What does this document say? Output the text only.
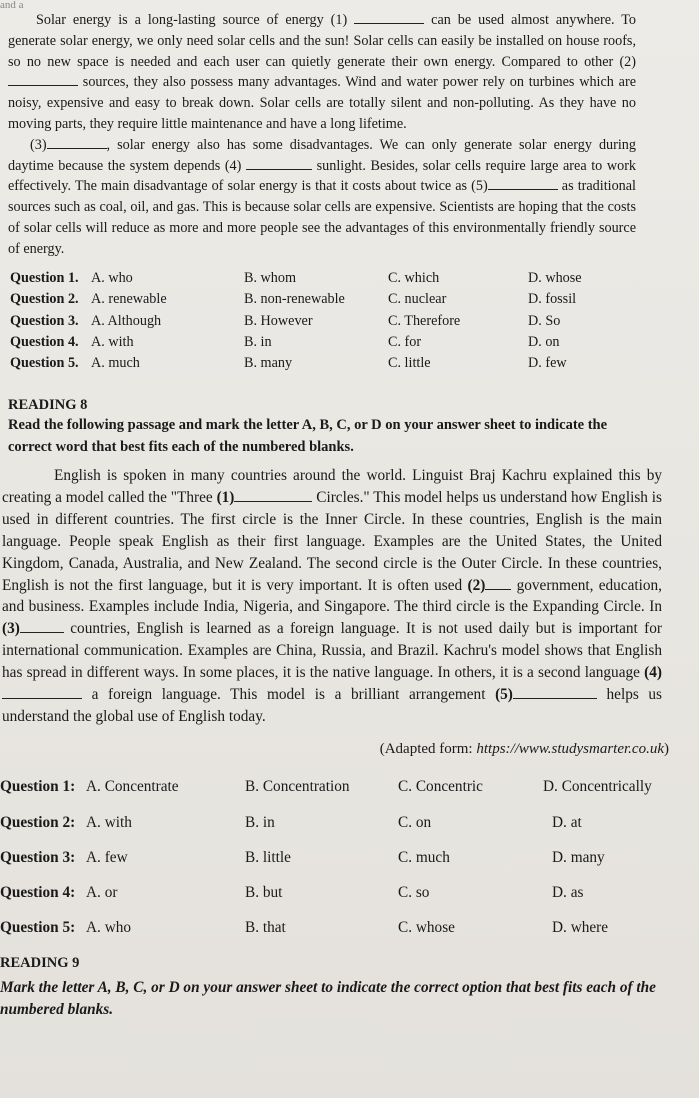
and a

Solar energy is a long-lasting source of energy (1)	can be used almost anywhere. To generate solar energy, we only need solar cells and the sun! Solar cells can easily be installed on house roofs, so no new space is needed and each user can quietly generate their own energy. Compared to other (2)  sources, they also possess many advantages. Wind and water power rely on turbines which are noisy, expensive and easy to break down. Solar cells are totally silent and non-polluting. As they have no moving parts, they require little maintenance and have a long lifetime.
(3)	, solar energy also has some disadvantages. We can only generate solar energy during daytime because the system depends (4)	sunlight. Besides, solar cells require large area to work effectively. The main disadvantage of solar energy is that it costs about twice as (5)	as traditional sources such as coal, oil, and gas. This is because solar cells are expensive. Scientists are hoping that the costs of solar cells will reduce as more and more people see the advantages of this environmentally friendly source of energy.

Question 1. A. who	B. whom	C. which	D. whose
Question 2. A. renewable	B. non-renewable	C. nuclear	D. fossil
Question 3. A. Although	B. However	C. Therefore	D. So
Question 4. A. with	B. in	C. for	D. on
Question 5. A. much	B. many	C. little	D. few
READING 8

Read the following passage and mark the letter A, B, C, or D on your answer sheet to indicate the correct word that best fits each of the numbered blanks.

English is spoken in many countries around the world. Linguist Braj Kachru explained this by creating a model called the "Three (1)	Circles." This model helps us understand how English is used in different countries. The first circle is the Inner Circle. In these countries, English is the main language. People speak English as their first language. Examples are the United States, the United Kingdom, Canada, Australia, and New Zealand. The second circle is the Outer Circle. In these countries, English is not the first language, but it is very important. It is often used (2) government, education, and business. Examples include India, Nigeria, and Singapore. The third circle is the Expanding Circle. In (3)	countries, English is learned as a foreign language. It is not used daily but is important for international communication. Examples are China, Russia, and Brazil. Kachru's model shows that English has spread in different ways. In some places, it is the native language. In others, it is a second language (4) a foreign language. This model is a brilliant arrangement (5)	helps us understand the global use of English today.

(Adapted form: https://www.studysmarter.co.uk)
Question 1: A. Concentrate	B. Concentration	C. Concentric	D. Concentrically
Question 2: A. with	B. in	C. on	D. at
Question 3: A. few	B. little	C. much	D. many
Question 4: A. or	B. but	C. so	D. as
Question 5: A. who	B. that	C. whose	D. where
READING 9

Mark the letter A, B, C, or D on your answer sheet to indicate the correct option that best fits each of the numbered blanks.
